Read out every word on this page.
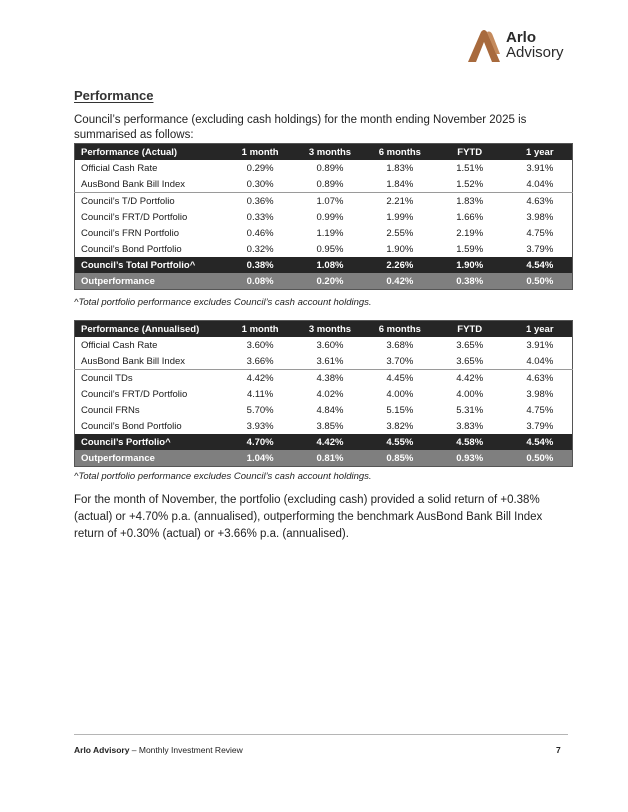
Arlo
Advisory
Performance
Council’s performance (excluding cash holdings) for the month ending November 2025 is summarised as follows:
Performance (Actual)	1 month	3 months	6 months	FYTD	1 year
Official Cash Rate	0.29%	0.89%	1.83%	1.51%	3.91%
AusBond Bank Bill Index	0.30%	0.89%	1.84%	1.52%	4.04%
Council’s T/D Portfolio	0.36%	1.07%	2.21%	1.83%	4.63%
Council’s FRT/D Portfolio	0.33%	0.99%	1.99%	1.66%	3.98%
Council’s FRN Portfolio	0.46%	1.19%	2.55%	2.19%	4.75%
Council’s Bond Portfolio	0.32%	0.95%	1.90%	1.59%	3.79%
Council’s Total Portfolio^	0.38%	1.08%	2.26%	1.90%	4.54%
Outperformance	0.08%	0.20%	0.42%	0.38%	0.50%
^Total portfolio performance excludes Council’s cash account holdings.
Performance (Annualised)	1 month	3 months	6 months	FYTD	1 year
Official Cash Rate	3.60%	3.60%	3.68%	3.65%	3.91%
AusBond Bank Bill Index	3.66%	3.61%	3.70%	3.65%	4.04%
Council TDs	4.42%	4.38%	4.45%	4.42%	4.63%
Council’s FRT/D Portfolio	4.11%	4.02%	4.00%	4.00%	3.98%
Council FRNs	5.70%	4.84%	5.15%	5.31%	4.75%
Council’s Bond Portfolio	3.93%	3.85%	3.82%	3.83%	3.79%
Council’s Portfolio^	4.70%	4.42%	4.55%	4.58%	4.54%
Outperformance	1.04%	0.81%	0.85%	0.93%	0.50%
^Total portfolio performance excludes Council’s cash account holdings.
For the month of November, the portfolio (excluding cash) provided a solid return of +0.38% (actual) or +4.70% p.a. (annualised), outperforming the benchmark AusBond Bank Bill Index return of +0.30% (actual) or +3.66% p.a. (annualised).
Arlo Advisory – Monthly Investment Review	7
